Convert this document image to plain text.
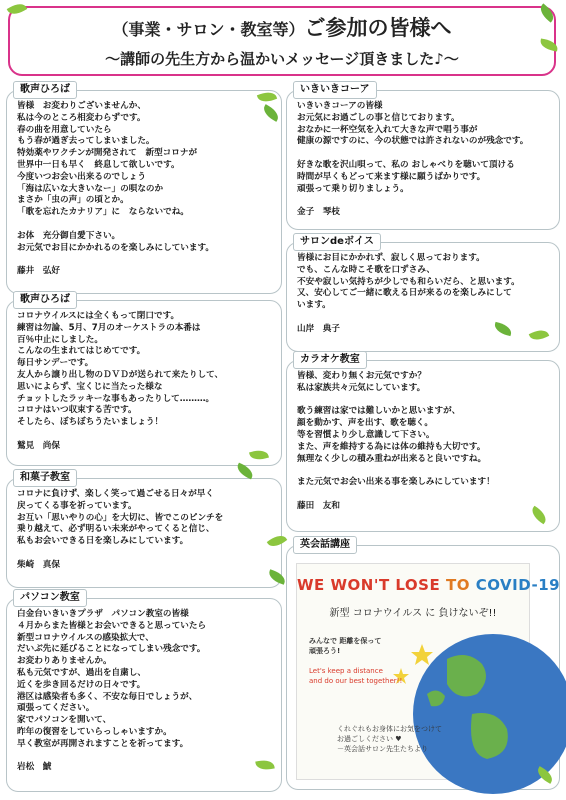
（事業・サロン・教室等）ご参加の皆様へ
〜講師の先生方から温かいメッセージ頂きました♪〜
歌声ひろば
皆様　お変わりございませんか、
私は今のところ相変わらずです。
春の曲を用意していたら
もう春が過ぎ去ってしまいました。
特効薬やワクチンが開発されて　新型コロナが
世界中一日も早く　終息して欲しいです。
今度いつお会い出来るのでしょう
「海は広いな大きいなー」の唄なのか
まさか「虫の声」の頃とか。
「歌を忘れたカナリア」に　ならないでね。

お体　充分御自愛下さい。
お元気でお目にかかれるのを楽しみにしています。

藤井　弘好
歌声ひろば
コロナウイルスには全くもって閉口です。
練習は勿論、5月、7月のオーケストラの本番は
百％中止にしました。
こんなの生まれてはじめてです。
毎日サンデーです。
友人から譲り出し物のＤＶＤが送られて来たりして、
思いによらず、宝くじに当たった様な
チョットしたラッキーな事もあったりして………。
コロナはいつ収束する苦です。
そしたら、ぼちぼちうたいましょう！

鷲見　尚保
和菓子教室
コロナに負けず、楽しく笑って過ごせる日々が早く
戻ってくる事を祈っています。
お互い「思いやりの心」を大切に、皆でこのピンチを
乗り越えて、必ず明るい未来がやってくると信じ、
私もお会いできる日を楽しみにしています。

柴崎　真保
パソコン教室
白金台いきいきプラザ　パソコン教室の皆様
４月からまた皆様とお会いできると思っていたら
新型コロナウイルスの感染拡大で、
だいぶ先に延びることになってしまい残念です。
お変わりありませんか。
私も元気ですが、過出を自粛し、
近くを歩き回るだけの日々です。
港区は感染者も多く、不安な毎日でしょうが、
頑張ってください。
家でパソコンを開いて、
昨年の復習をしていらっしゃいますか。
早く教室が再開されますことを祈ってます。

岩松　鯱
いきいきコーア
いきいきコーアの皆様
お元気にお過ごしの事と信じております。
おなかに一杯空気を入れて大きな声で唱う事が
健康の源ですのに、今の状態では許されないのが残念です。

好きな歌を沢山唄って、私の おしゃべりを聴いて頂ける
時間が早くもどって来ます様に願うばかりです。
頑張って乗り切りましょう。

金子　琴枝
サロンdeボイス
皆様にお目にかかれず、寂しく思っております。
でも、こんな時こそ歌を口ずさみ、
不安や寂しい気持ちが少しでも和らいだら、と思います。
又、安心してご一緒に歌える日が来るのを楽しみにして
います。

山岸　典子
カラオケ教室
皆様、変わり無くお元気ですか？
私は家族共々元気にしています。

歌う練習は家では難しいかと思いますが、
顔を動かす、声を出す、歌を聴く。
等を習慣より少し意識して下さい。
また、声を維持する為には体の維持も大切です。
無理なく少しの積み重ねが出来ると良いですね。

また元気でお会い出来る事を楽しみにしています！

藤田　友和
英会話講座
WE WON'T LOSE TO COVID-19
新型 コロナウイルス に 負けないぞ!!
みんなで 距離を保って
頑張ろう!
Let's keep a distance
and do our best together!!
くれぐれもお身体にお気をつけて
お過ごしください ♥
－英会話サロン先生たちより
